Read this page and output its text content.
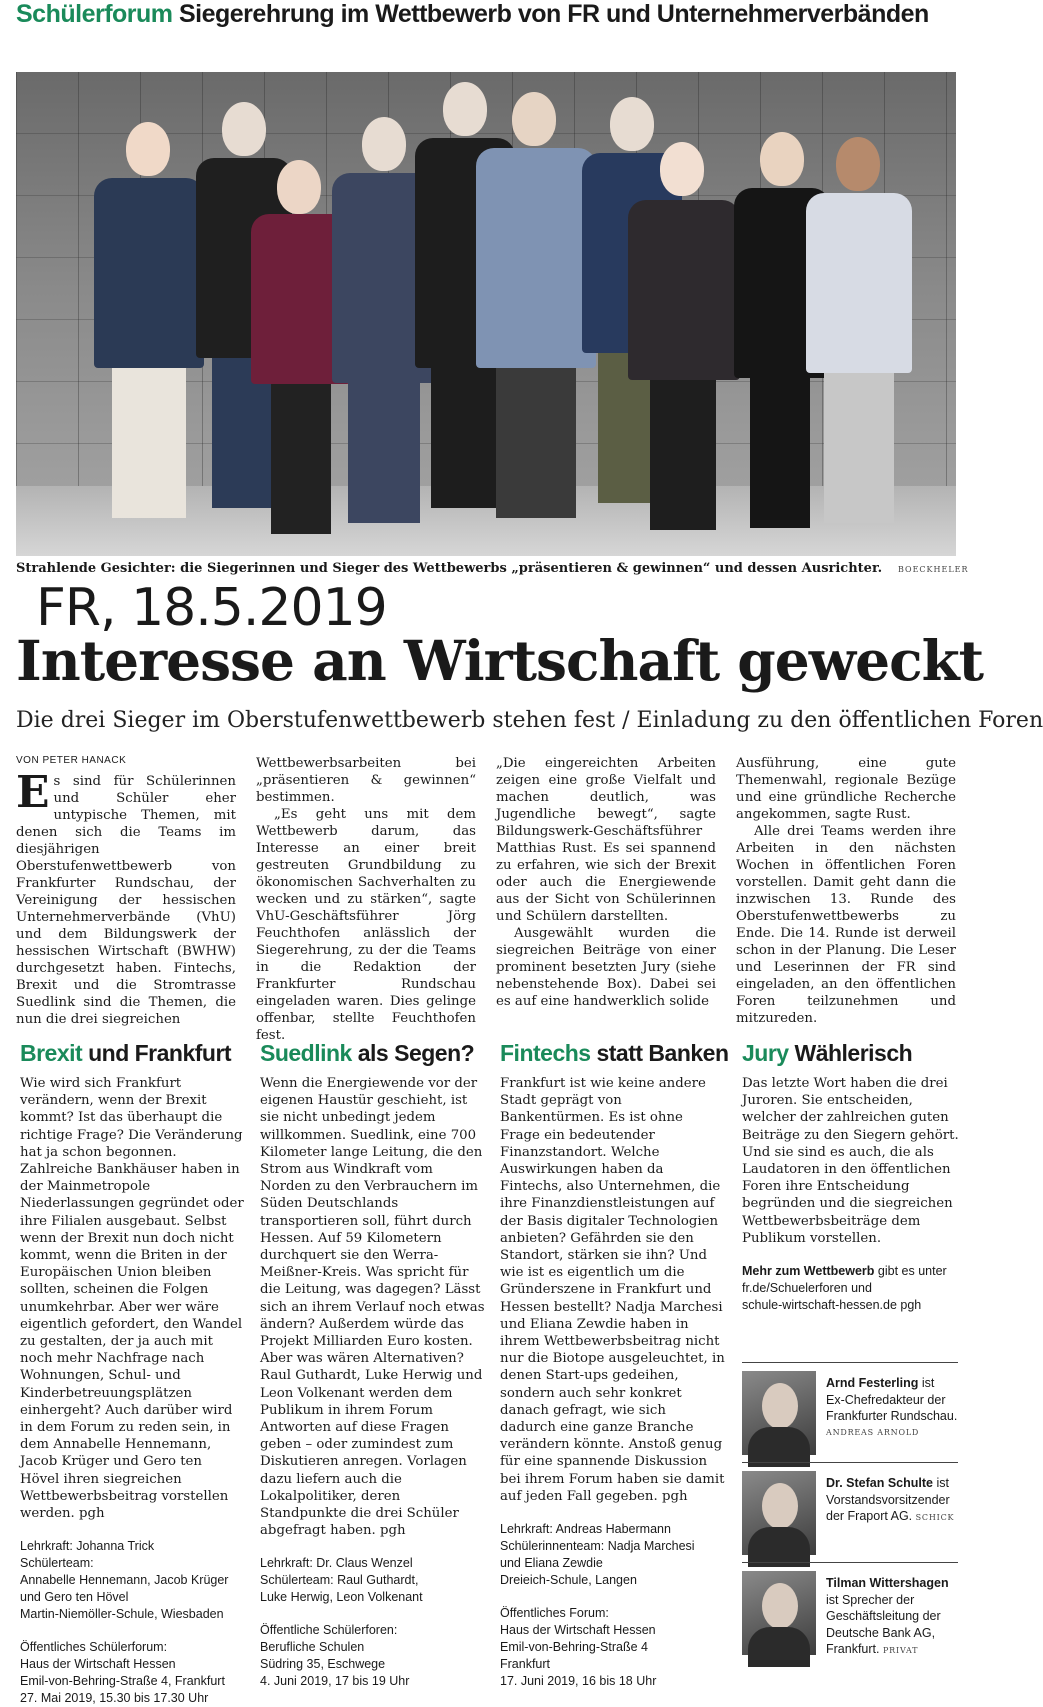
Schülerforum Siegerehrung im Wettbewerb von FR und Unternehmerverbänden
Strahlende Gesichter: die Siegerinnen und Sieger des Wettbewerbs „präsentieren & gewinnen“ und dessen Ausrichter. BOECKHELER
FR, 18.5.2019
Interesse an Wirtschaft geweckt
Die drei Sieger im Oberstufenwettbewerb stehen fest / Einladung zu den öffentlichen Foren
VON PETER HANACK
E s sind für Schülerinnen und Schüler eher untypische Themen, mit denen sich die Teams im diesjährigen Oberstufenwettbewerb von Frankfurter Rundschau, der Vereinigung der hessischen Unternehmerverbände (VhU) und dem Bildungswerk der hessischen Wirtschaft (BWHW) durchgesetzt haben. Fintechs, Brexit und die Stromtrasse Suedlink sind die Themen, die nun die drei siegreichen

Wettbewerbsarbeiten bei „präsentieren & gewinnen“ bestimmen.

„Es geht uns mit dem Wettbewerb darum, das Interesse an einer breit gestreuten Grundbildung zu ökonomischen Sachverhalten zu wecken und zu stärken“, sagte VhU-Geschäftsführer Jörg Feuchthofen anlässlich der Siegerehrung, zu der die Teams in die Redaktion der Frankfurter Rundschau eingeladen waren. Dies gelinge offenbar, stellte Feuchthofen fest.

„Die eingereichten Arbeiten zeigen eine große Vielfalt und machen deutlich, was Jugendliche bewegt“, sagte Bildungswerk-Geschäftsführer Matthias Rust. Es sei spannend zu erfahren, wie sich der Brexit oder auch die Energiewende aus der Sicht von Schülerinnen und Schülern darstellten.

Ausgewählt wurden die siegreichen Beiträge von einer prominent besetzten Jury (siehe nebenstehende Box). Dabei sei es auf eine handwerklich solide

Ausführung, eine gute Themenwahl, regionale Bezüge und eine gründliche Recherche angekommen, sagte Rust.

Alle drei Teams werden ihre Arbeiten in den nächsten Wochen in öffentlichen Foren vorstellen. Damit geht dann die inzwischen 13. Runde des Oberstufenwettbewerbs zu Ende. Die 14. Runde ist derweil schon in der Planung. Die Leser und Leserinnen der FR sind eingeladen, an den öffentlichen Foren teilzunehmen und mitzureden.

Brexit und Frankfurt
Wie wird sich Frankfurt verändern, wenn der Brexit kommt? Ist das überhaupt die richtige Frage? Die Veränderung hat ja schon begonnen. Zahlreiche Bankhäuser haben in der Mainmetropole Niederlassungen gegründet oder ihre Filialen ausgebaut. Selbst wenn der Brexit nun doch nicht kommt, wenn die Briten in der Europäischen Union bleiben sollten, scheinen die Folgen unumkehrbar. Aber wer wäre eigentlich gefordert, den Wandel zu gestalten, der ja auch mit noch mehr Nachfrage nach Wohnungen, Schul- und Kinderbetreuungsplätzen einhergeht? Auch darüber wird in dem Forum zu reden sein, in dem Annabelle Hennemann, Jacob Krüger und Gero ten Hövel ihren siegreichen Wettbewerbsbeitrag vorstellen werden. pgh
Lehrkraft: Johanna Trick
Schülerteam:
Annabelle Hennemann, Jacob Krüger
und Gero ten Hövel
Martin-Niemöller-Schule, Wiesbaden
Öffentliches Schülerforum:
Haus der Wirtschaft Hessen
Emil-von-Behring-Straße 4, Frankfurt
27. Mai 2019, 15.30 bis 17.30 Uhr
Suedlink als Segen?
Wenn die Energiewende vor der eigenen Haustür geschieht, ist sie nicht unbedingt jedem willkommen. Suedlink, eine 700 Kilometer lange Leitung, die den Strom aus Windkraft vom Norden zu den Verbrauchern im Süden Deutschlands transportieren soll, führt durch Hessen. Auf 59 Kilometern durchquert sie den Werra-Meißner-Kreis. Was spricht für die Leitung, was dagegen? Lässt sich an ihrem Verlauf noch etwas ändern? Außerdem würde das Projekt Milliarden Euro kosten. Aber was wären Alternativen? Raul Guthardt, Luke Herwig und Leon Volkenant werden dem Publikum in ihrem Forum Antworten auf diese Fragen geben – oder zumindest zum Diskutieren anregen. Vorlagen dazu liefern auch die Lokalpolitiker, deren Standpunkte die drei Schüler abgefragt haben. pgh
Lehrkraft: Dr. Claus Wenzel
Schülerteam: Raul Guthardt,
Luke Herwig, Leon Volkenant
Öffentliche Schülerforen:
Berufliche Schulen
Südring 35, Eschwege
4. Juni 2019, 17 bis 19 Uhr
Fintechs statt Banken
Frankfurt ist wie keine andere Stadt geprägt von Bankentürmen. Es ist ohne Frage ein bedeutender Finanzstandort. Welche Auswirkungen haben da Fintechs, also Unternehmen, die ihre Finanzdienstleistungen auf der Basis digitaler Technologien anbieten? Gefährden sie den Standort, stärken sie ihn? Und wie ist es eigentlich um die Gründerszene in Frankfurt und Hessen bestellt? Nadja Marchesi und Eliana Zewdie haben in ihrem Wettbewerbsbeitrag nicht nur die Biotope ausgeleuchtet, in denen Start-ups gedeihen, sondern auch sehr konkret danach gefragt, wie sich dadurch eine ganze Branche verändern könnte. Anstoß genug für eine spannende Diskussion bei ihrem Forum haben sie damit auf jeden Fall gegeben. pgh
Lehrkraft: Andreas Habermann
Schülerinnenteam: Nadja Marchesi
und Eliana Zewdie
Dreieich-Schule, Langen
Öffentliches Forum:
Haus der Wirtschaft Hessen
Emil-von-Behring-Straße 4
Frankfurt
17. Juni 2019, 16 bis 18 Uhr
Jury Wählerisch
Das letzte Wort haben die drei Juroren. Sie entscheiden, welcher der zahlreichen guten Beiträge zu den Siegern gehört. Und sie sind es auch, die als Laudatoren in den öffentlichen Foren ihre Entscheidung begründen und die siegreichen Wettbewerbsbeiträge dem Publikum vorstellen.
Mehr zum Wettbewerb gibt es unter
fr.de/Schuelerforen und
schule-wirtschaft-hessen.de pgh
Arnd Festerling ist
Ex-Chefredakteur der Frankfurter Rundschau.
ANDREAS ARNOLD
Dr. Stefan Schulte ist
Vorstandsvorsitzender der Fraport AG. SCHICK
Tilman Wittershagen
ist Sprecher der Geschäftsleitung der Deutsche Bank AG, Frankfurt. PRIVAT
